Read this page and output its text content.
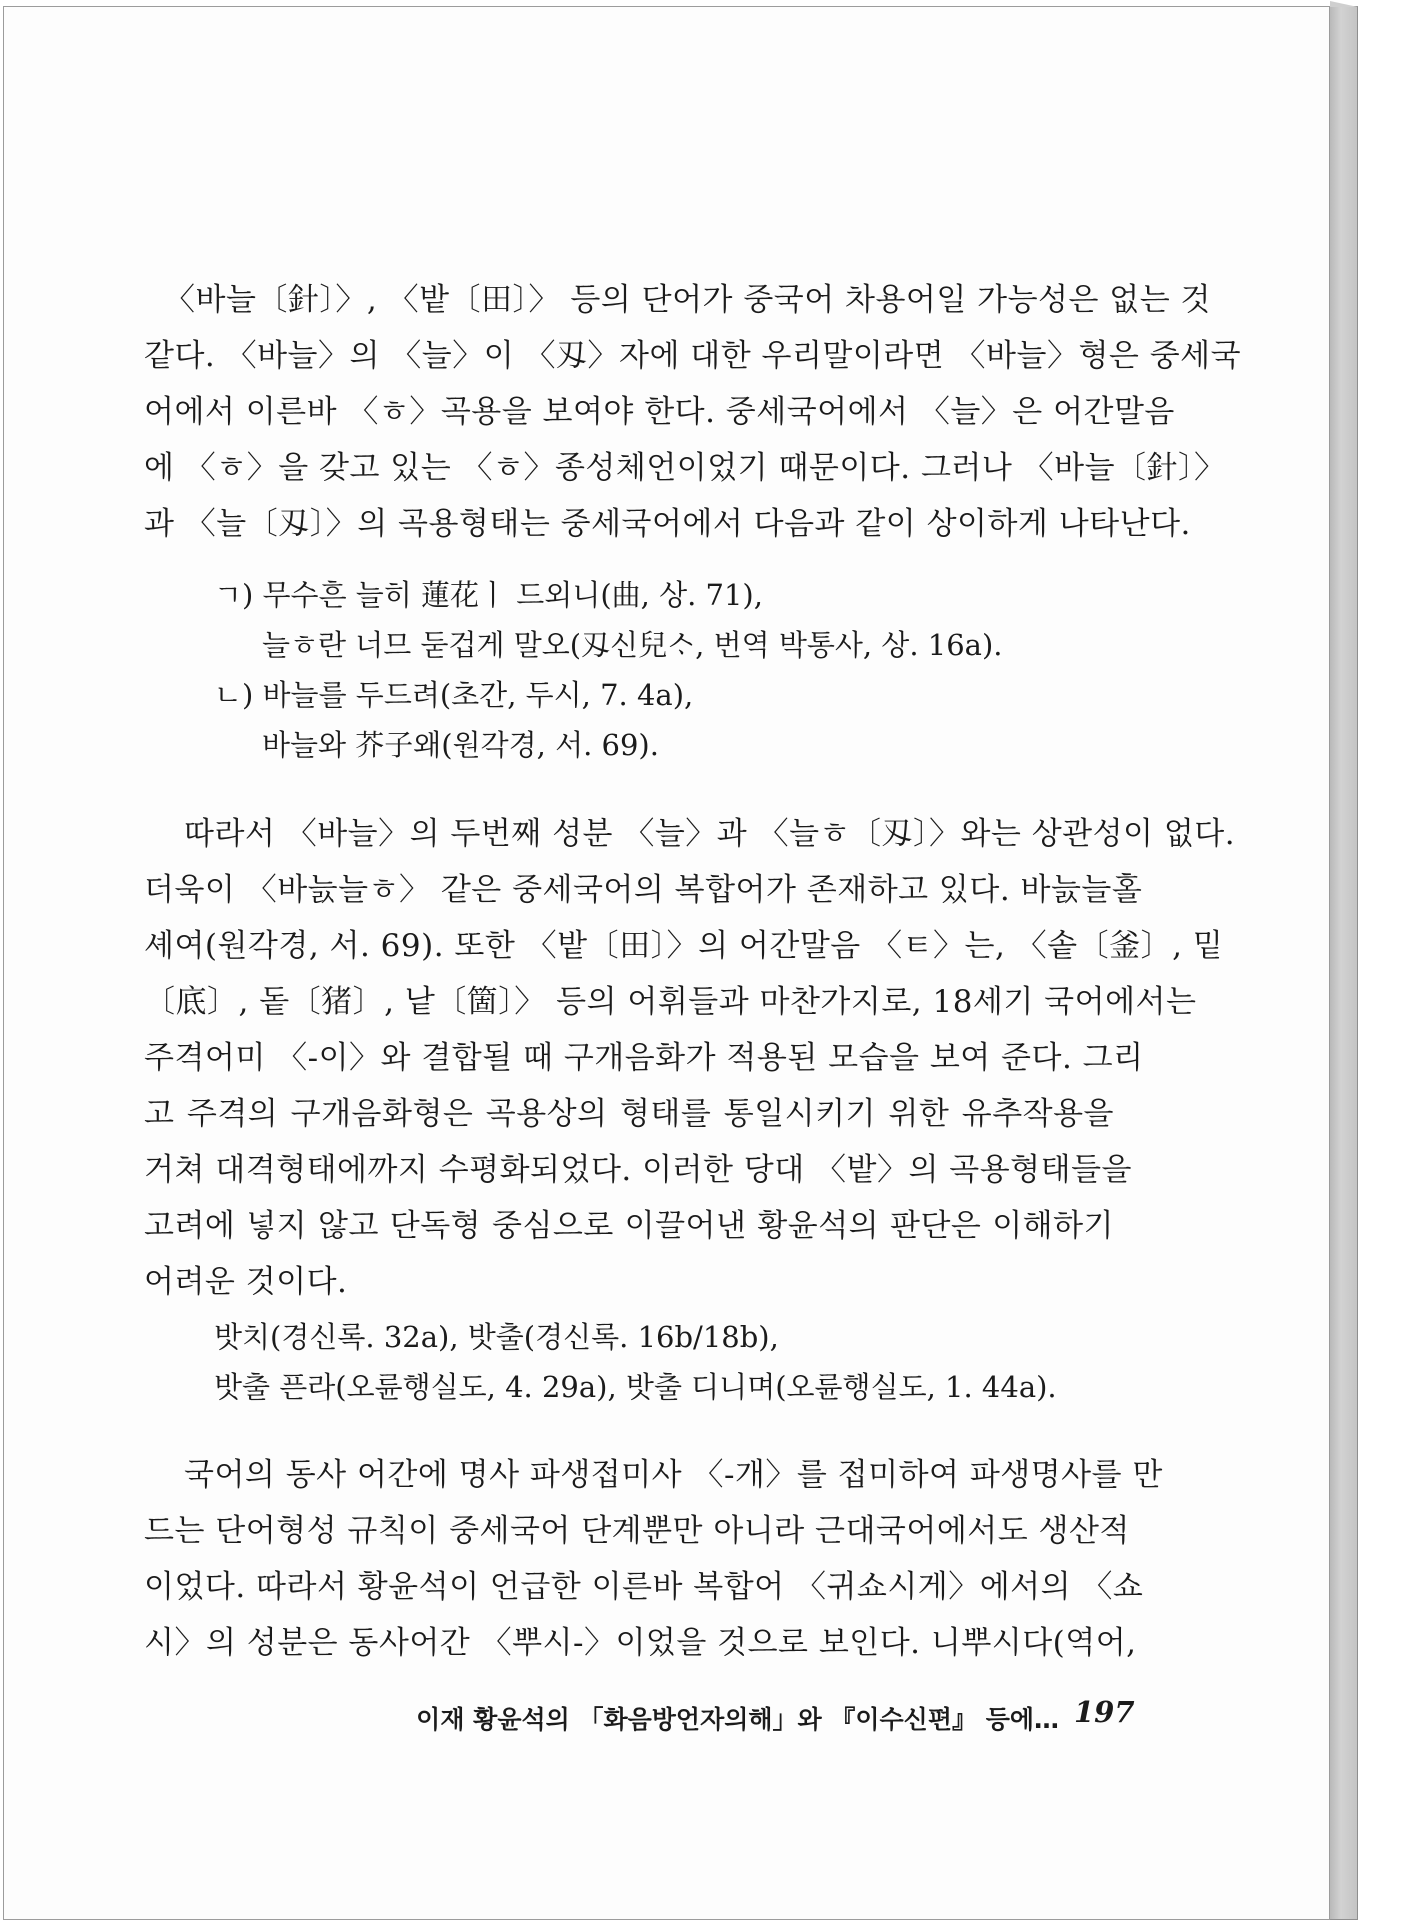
〈바늘〔針〕〉, 〈밭〔田〕〉 등의 단어가 중국어 차용어일 가능성은 없는 것
같다. 〈바늘〉의 〈늘〉이 〈刄〉자에 대한 우리말이라면 〈바늘〉형은 중세국
어에서 이른바 〈ㅎ〉곡용을 보여야 한다. 중세국어에서 〈늘〉은 어간말음
에 〈ㅎ〉을 갖고 있는 〈ㅎ〉종성체언이었기 때문이다. 그러나 〈바늘〔針〕〉
과 〈늘〔刄〕〉의 곡용형태는 중세국어에서 다음과 같이 상이하게 나타난다.

ㄱ) 무수흔 늘히 蓮花ㅣ 드외니(曲, 상. 71),
늘ㅎ란 너므 둗겁게 말오(刄신兒ᄉᆞ, 번역 박통사, 상. 16a).
ㄴ) 바늘를 두드려(초간, 두시, 7. 4a),
바늘와 芥子왜(원각경, 서. 69).

따라서 〈바늘〉의 두번째 성분 〈늘〉과 〈늘ㅎ〔刄〕〉와는 상관성이 없다.
더욱이 〈바늜늘ㅎ〉 같은 중세국어의 복합어가 존재하고 있다. 바늜늘홀
셰여(원각경, 서. 69). 또한 〈밭〔田〕〉의 어간말음 〈ㅌ〉는, 〈솥〔釜〕, 밑
〔底〕, 돝〔猪〕, 낱〔箇〕〉 등의 어휘들과 마찬가지로, 18세기 국어에서는
주격어미 〈-이〉와 결합될 때 구개음화가 적용된 모습을 보여 준다. 그리
고 주격의 구개음화형은 곡용상의 형태를 통일시키기 위한 유추작용을
거쳐 대격형태에까지 수평화되었다. 이러한 당대 〈밭〉의 곡용형태들을
고려에 넣지 않고 단독형 중심으로 이끌어낸 황윤석의 판단은 이해하기
어려운 것이다.

밧치(경신록. 32a), 밧출(경신록. 16b/18b),
밧출 픈라(오륜행실도, 4. 29a), 밧출 디니며(오륜행실도, 1. 44a).

국어의 동사 어간에 명사 파생접미사 〈-개〉를 접미하여 파생명사를 만
드는 단어형성 규칙이 중세국어 단계뿐만 아니라 근대국어에서도 생산적
이었다. 따라서 황윤석이 언급한 이른바 복합어 〈귀쇼시게〉에서의 〈쇼
시〉의 성분은 동사어간 〈뿌시-〉이었을 것으로 보인다. 니뿌시다(역어,

이재 황윤석의 「화음방언자의해」와 『이수신편』 등에… 197
